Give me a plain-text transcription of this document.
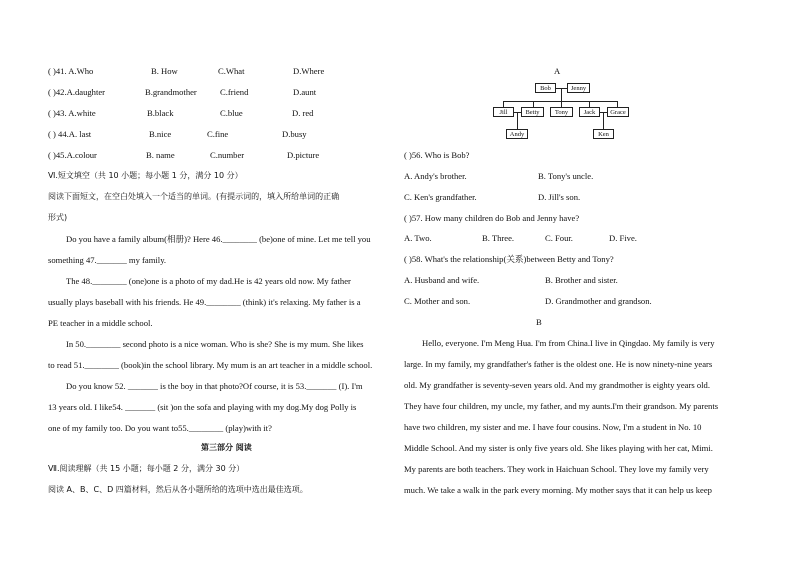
( )41. A.Who	B. How	C.What	D.Where
( )42.A.daughter	B.grandmother	C.friend	D.aunt
( )43. A.white	B.black	C.blue	D. red
( ) 44.A. last	B.nice	C.fine	D.busy
( )45.A.colour	B. name	C.number	D.picture
Ⅵ.短文填空（共 10 小题；每小题 1 分，满分 10 分）
阅读下面短文，在空白处填入一个适当的单词。(有提示词的，填入所给单词的正确
形式)
Do you have a family album(相册)? Here 46.________ (be)one of mine. Let me tell you
something 47._______ my family.
The 48.________ (one)one is a photo of my dad.He is 42 years old now. My father
usually plays baseball with his friends. He 49.________ (think) it's relaxing. My father is a
PE teacher in a middle school.
In 50.________ second photo is a nice woman. Who is she? She is my mum. She likes
to read 51.________ (book)in the school library. My mum is an art teacher in a middle school.
Do you know 52. _______ is the boy in that photo?Of course, it is 53._______ (I). I'm
13 years old. I like54. _______ (sit )on the sofa and playing with my dog.My dog Polly is
one of my family too. Do you want to55.________ (play)with it?
第三部分 阅读
Ⅶ.阅读理解（共 15 小题；每小题 2 分，满分 30 分）
阅读 A、B、C、D 四篇材料，然后从各小题所给的选项中选出最佳选项。
A
Bob	Jenny
Jill	Betty	Tony	Jack	Grace
Andy	Ken
( )56. Who is Bob?
A. Andy's brother.	B. Tony's uncle.
C. Ken's grandfather.	D. Jill's son.
( )57. How many children do Bob and Jenny have?
A. Two.	B. Three.	C. Four.	D. Five.
( )58. What's the relationship(关系)between Betty and Tony?
A. Husband and wife.	B. Brother and sister.
C. Mother and son.	D. Grandmother and grandson.
B
Hello, everyone. I'm Meng Hua. I'm from China.I live in Qingdao. My family is very
large. In my family, my grandfather's father is the oldest one. He is now ninety-nine years
old. My grandfather is seventy-seven years old. And my grandmother is eighty years old.
They have four children, my uncle, my father, and my aunts.I'm their grandson. My parents
have two children, my sister and me. I have four cousins. Now, I'm a student in No. 10
Middle School. And my sister is only five years old. She likes playing with her cat, Mimi.
My parents are both teachers. They work in Haichuan School. They love my family very
much. We take a walk in the park every morning. My mother says that it can help us keep
